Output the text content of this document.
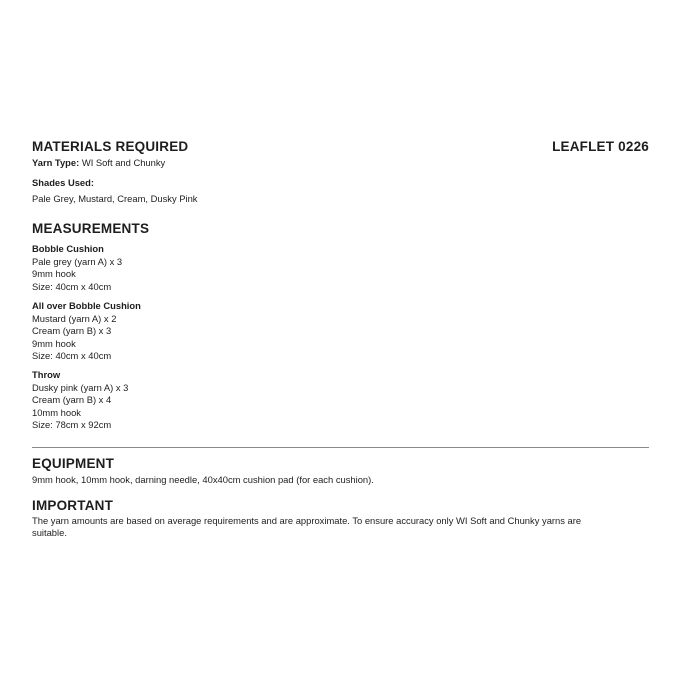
MATERIALS REQUIRED	LEAFLET 0226
Yarn Type: WI Soft and Chunky
Shades Used:
Pale Grey, Mustard, Cream, Dusky Pink
MEASUREMENTS
Bobble Cushion
Pale grey (yarn A) x 3
9mm hook
Size: 40cm x 40cm
All over Bobble Cushion
Mustard (yarn A) x 2
Cream (yarn B) x 3
9mm hook
Size: 40cm x 40cm
Throw
Dusky pink (yarn A) x 3
Cream (yarn B) x 4
10mm hook
Size: 78cm x 92cm
EQUIPMENT
9mm hook, 10mm hook, darning needle, 40x40cm cushion pad (for each cushion).
IMPORTANT
The yarn amounts are based on average requirements and are approximate. To ensure accuracy only WI Soft and Chunky yarns are suitable.
